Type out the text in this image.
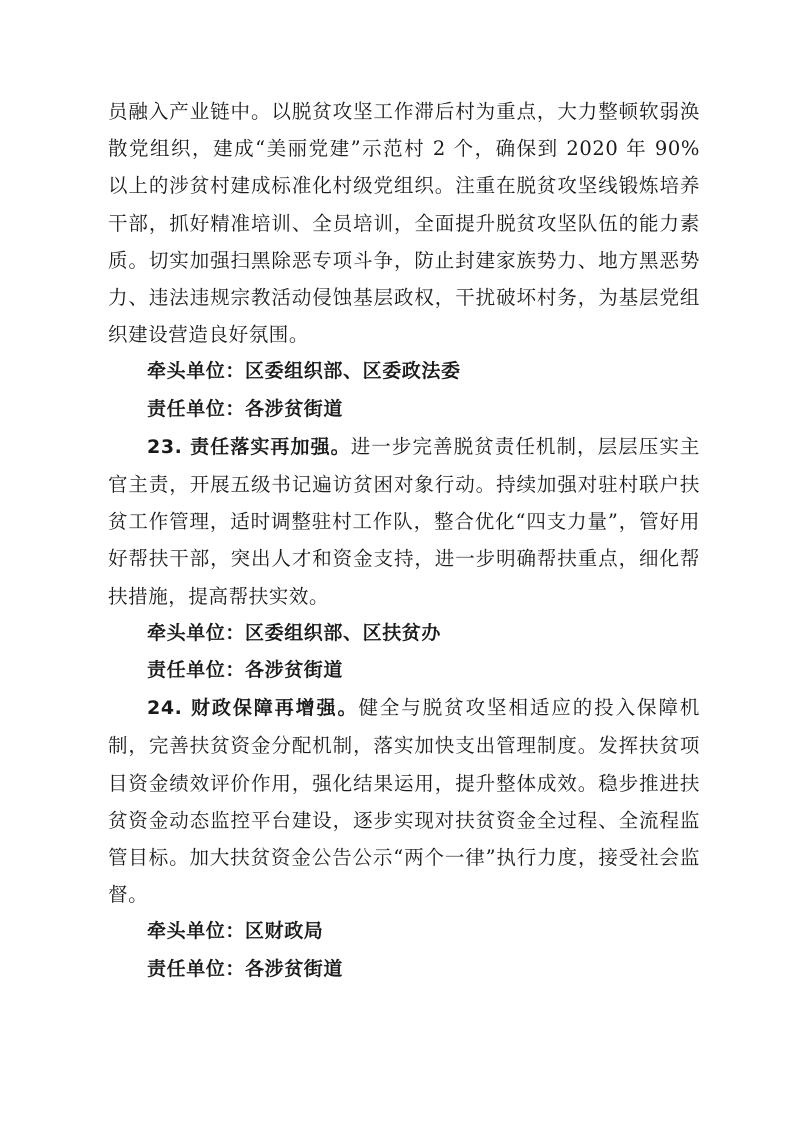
员融入产业链中。以脱贫攻坚工作滞后村为重点，大力整顿软弱涣散党组织，建成“美丽党建”示范村 2 个，确保到 2020 年 90% 以上的涉贫村建成标准化村级党组织。注重在脱贫攻坚线锻炼培养干部，抓好精准培训、全员培训，全面提升脱贫攻坚队伍的能力素质。切实加强扫黑除恶专项斗争，防止封建家族势力、地方黑恶势力、违法违规宗教活动侵蚀基层政权，干扰破坏村务，为基层党组织建设营造良好氛围。

牵头单位：区委组织部、区委政法委

责任单位：各涉贫街道

23. 责任落实再加强。进一步完善脱贫责任机制，层层压实主官主责，开展五级书记遍访贫困对象行动。持续加强对驻村联户扶贫工作管理，适时调整驻村工作队，整合优化“四支力量”，管好用好帮扶干部，突出人才和资金支持，进一步明确帮扶重点，细化帮扶措施，提高帮扶实效。

牵头单位：区委组织部、区扶贫办

责任单位：各涉贫街道

24. 财政保障再增强。健全与脱贫攻坚相适应的投入保障机制，完善扶贫资金分配机制，落实加快支出管理制度。发挥扶贫项目资金绩效评价作用，强化结果运用，提升整体成效。稳步推进扶贫资金动态监控平台建设，逐步实现对扶贫资金全过程、全流程监管目标。加大扶贫资金公告公示“两个一律”执行力度，接受社会监督。

牵头单位：区财政局

责任单位：各涉贫街道
